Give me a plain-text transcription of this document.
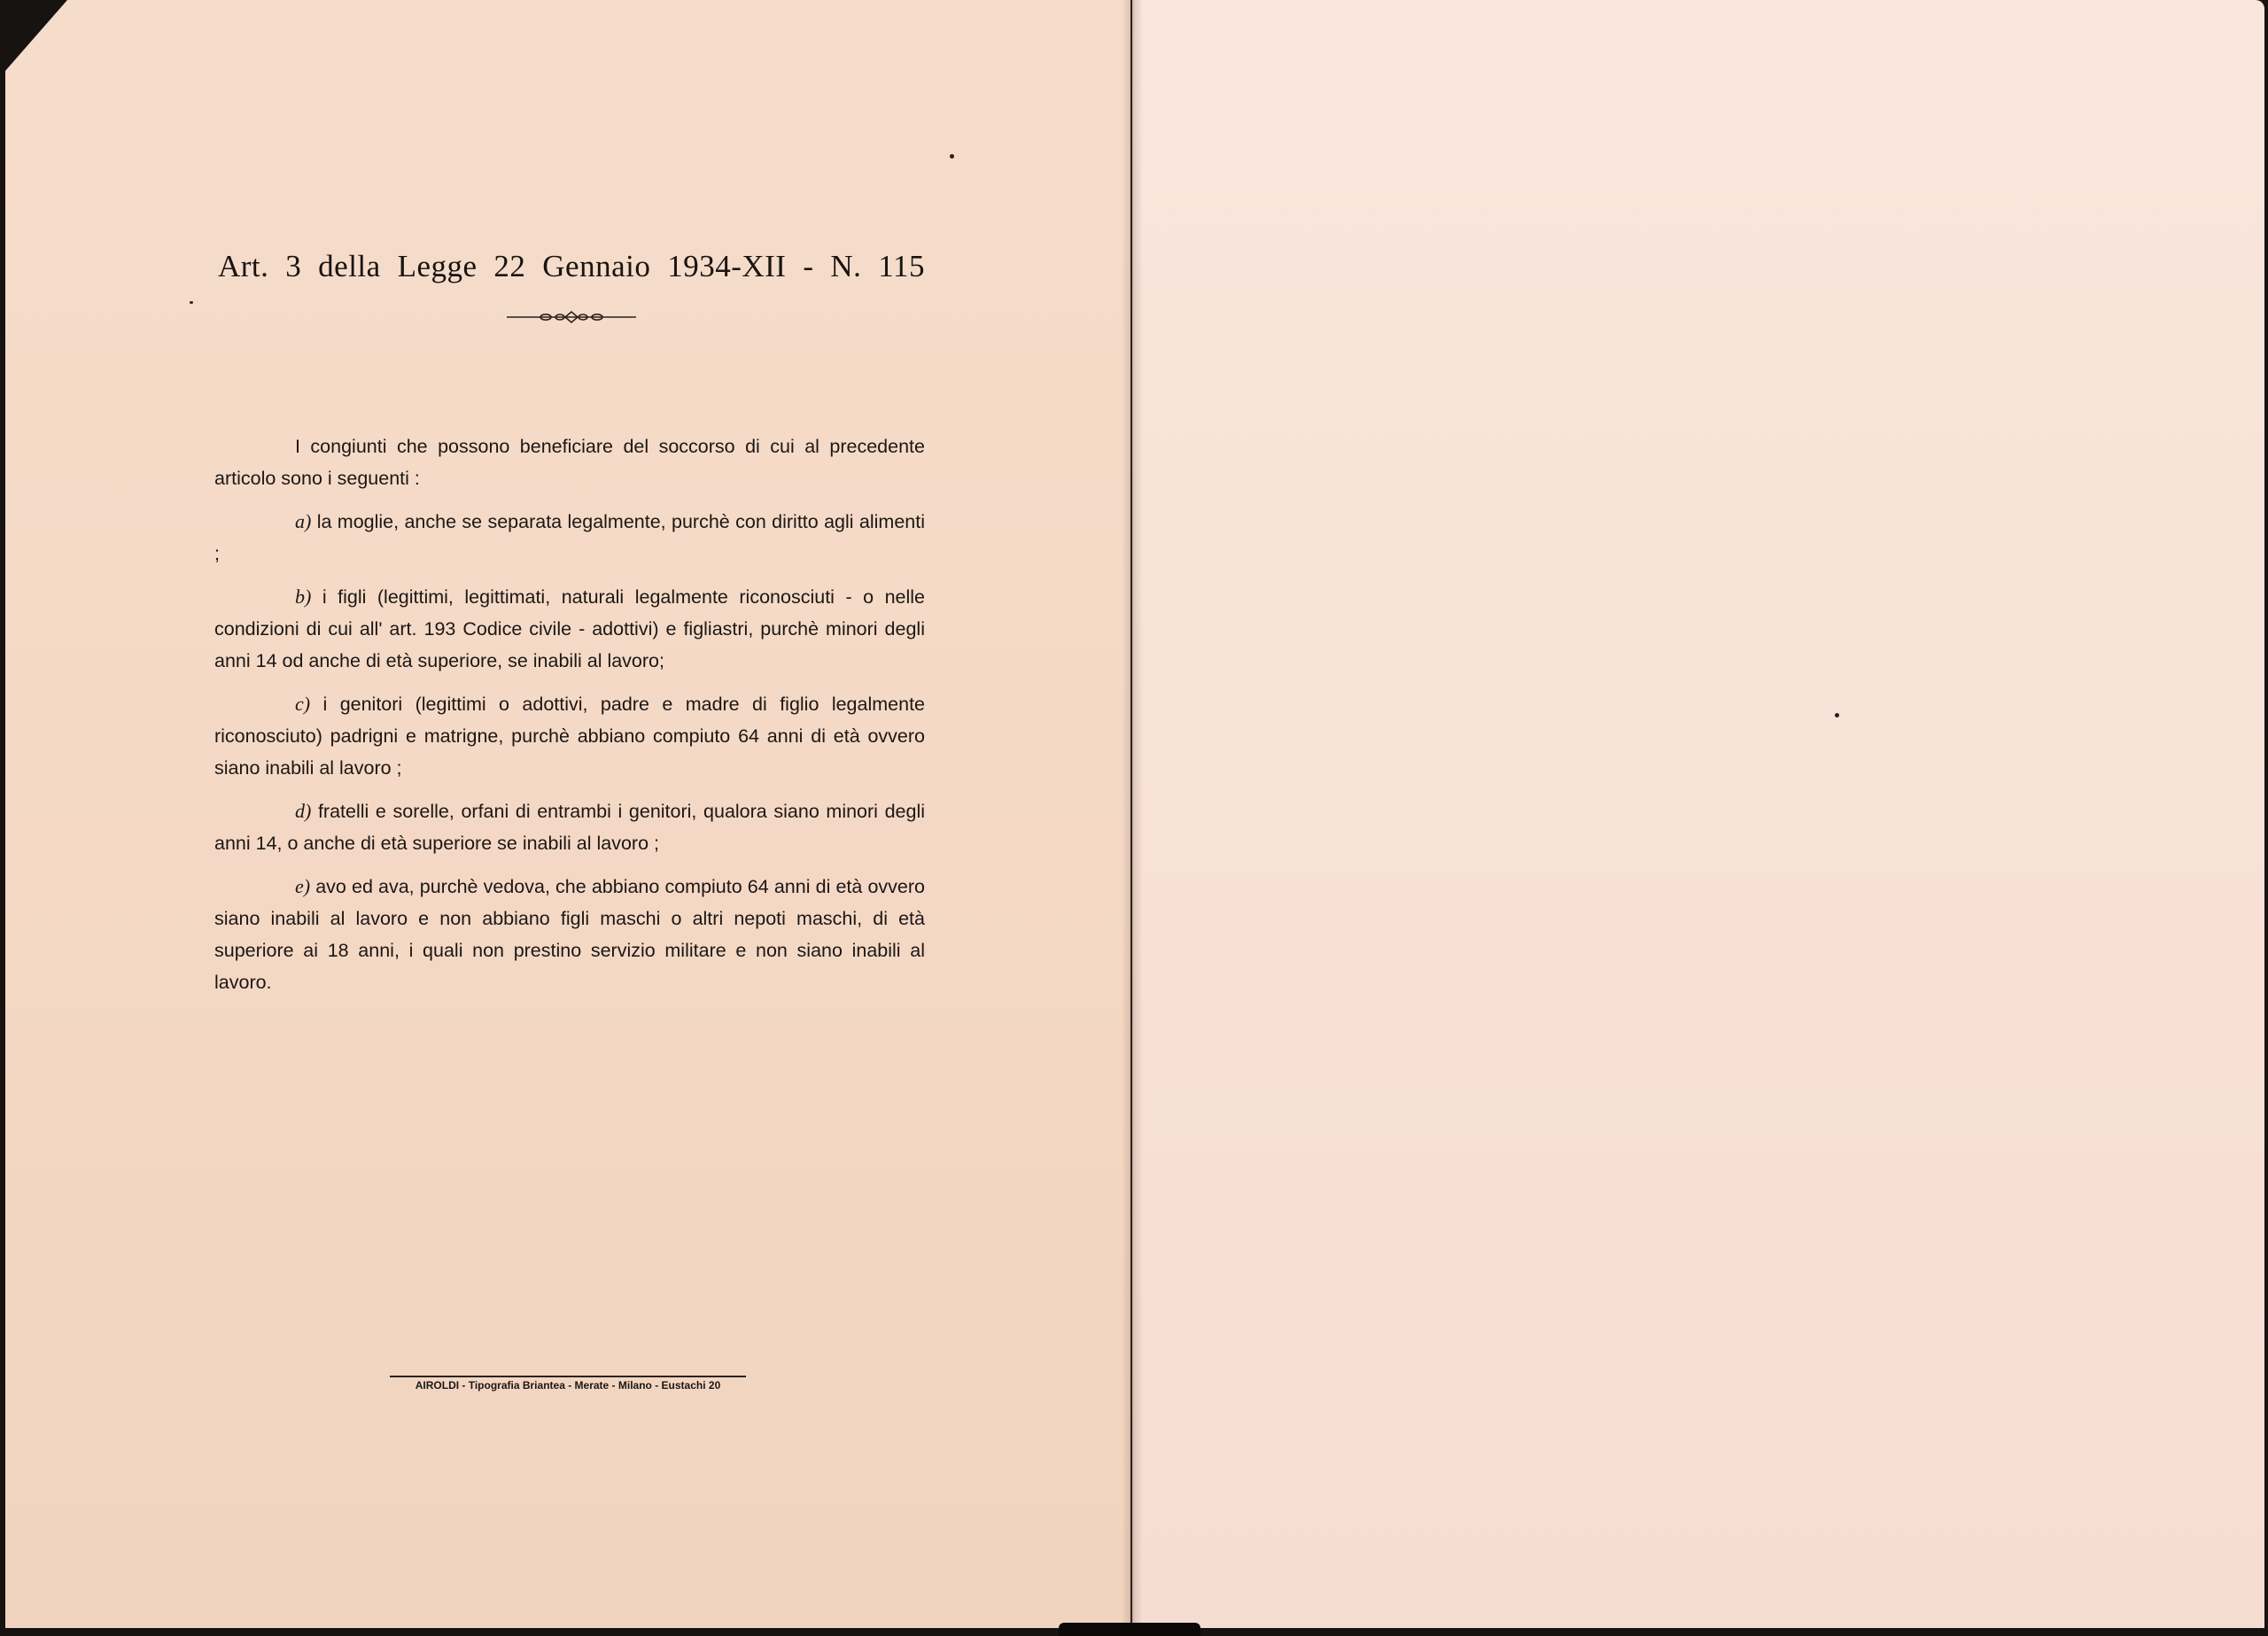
Art. 3 della Legge 22 Gennaio 1934-XII - N. 115

I congiunti che possono beneficiare del soccorso di cui al precedente articolo sono i seguenti :

a) la moglie, anche se separata legalmente, purchè con diritto agli alimenti ;

b) i figli (legittimi, legittimati, naturali legalmente riconosciuti - o nelle condizioni di cui all' art. 193 Codice civile - adottivi) e figliastri, purchè minori degli anni 14 od anche di età superiore, se inabili al lavoro;

c) i genitori (legittimi o adottivi, padre e madre di figlio legalmente riconosciuto) padrigni e matrigne, purchè abbiano compiuto 64 anni di età ovvero siano inabili al lavoro ;

d) fratelli e sorelle, orfani di entrambi i genitori, qualora siano minori degli anni 14, o anche di età superiore se inabili al lavoro ;

e) avo ed ava, purchè vedova, che abbiano compiuto 64 anni di età ovvero siano inabili al lavoro e non abbiano figli maschi o altri nepoti maschi, di età superiore ai 18 anni, i quali non prestino servizio militare e non siano inabili al lavoro.

AIROLDI - Tipografia Briantea - Merate - Milano - Eustachi 20
